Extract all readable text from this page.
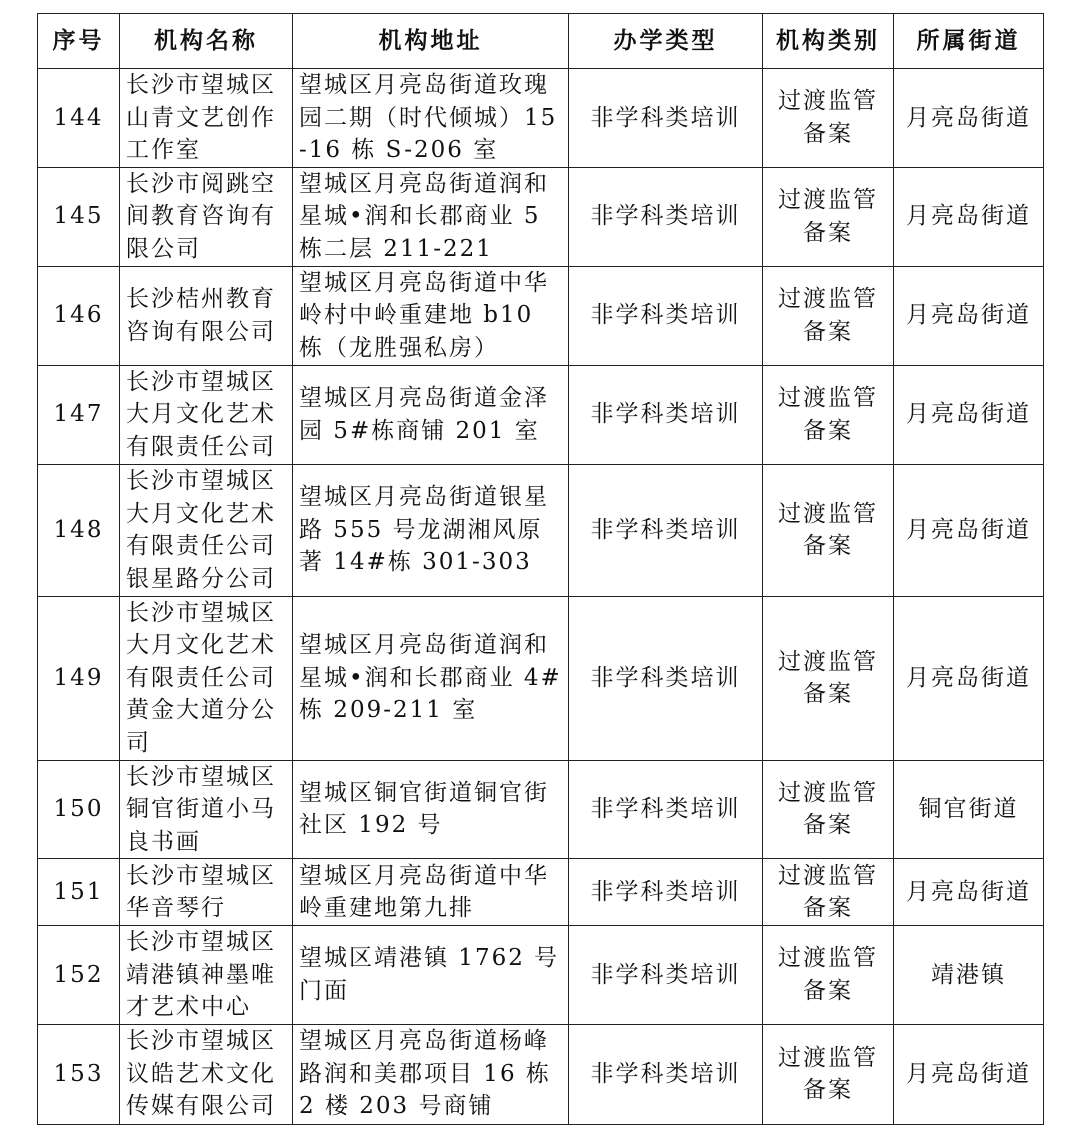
序号	机构名称	机构地址	办学类型	机构类别	所属街道
144	长沙市望城区山青文艺创作工作室	望城区月亮岛街道玫瑰园二期（时代倾城）15-16 栋 S-206 室	非学科类培训	过渡监管备案	月亮岛街道
145	长沙市阅跳空间教育咨询有限公司	望城区月亮岛街道润和星城•润和长郡商业 5 栋二层 211-221	非学科类培训	过渡监管备案	月亮岛街道
146	长沙桔州教育咨询有限公司	望城区月亮岛街道中华岭村中岭重建地 b10 栋（龙胜强私房）	非学科类培训	过渡监管备案	月亮岛街道
147	长沙市望城区大月文化艺术有限责任公司	望城区月亮岛街道金泽园 5#栋商铺 201 室	非学科类培训	过渡监管备案	月亮岛街道
148	长沙市望城区大月文化艺术有限责任公司银星路分公司	望城区月亮岛街道银星路 555 号龙湖湘风原著 14#栋 301-303	非学科类培训	过渡监管备案	月亮岛街道
149	长沙市望城区大月文化艺术有限责任公司黄金大道分公司	望城区月亮岛街道润和星城•润和长郡商业 4#栋 209-211 室	非学科类培训	过渡监管备案	月亮岛街道
150	长沙市望城区铜官街道小马良书画	望城区铜官街道铜官街社区 192 号	非学科类培训	过渡监管备案	铜官街道
151	长沙市望城区华音琴行	望城区月亮岛街道中华岭重建地第九排	非学科类培训	过渡监管备案	月亮岛街道
152	长沙市望城区靖港镇神墨唯才艺术中心	望城区靖港镇 1762 号门面	非学科类培训	过渡监管备案	靖港镇
153	长沙市望城区议皓艺术文化传媒有限公司	望城区月亮岛街道杨峰路润和美郡项目 16 栋 2 楼 203 号商铺	非学科类培训	过渡监管备案	月亮岛街道
